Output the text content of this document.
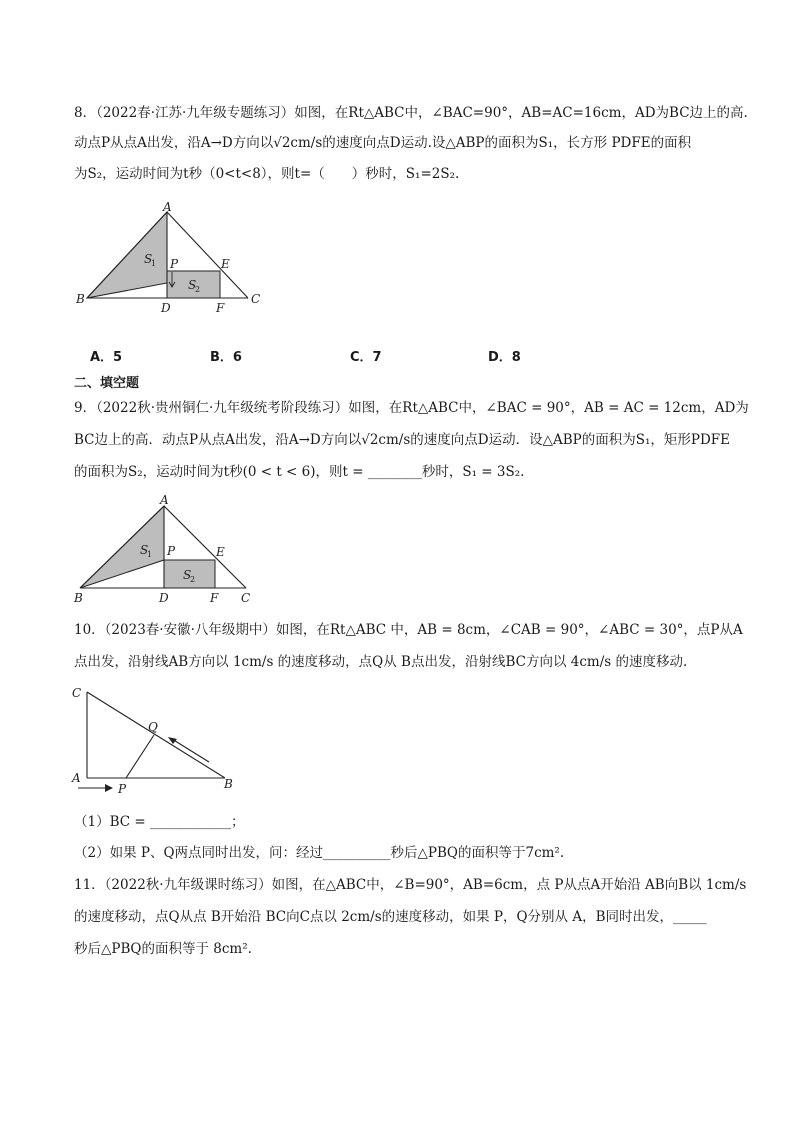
8．（2022春·江苏·九年级专题练习）如图，在Rt△ABC中，∠BAC=90°，AB=AC=16cm，AD为BC边上的高.
动点P从点A出发，沿A→D方向以√2cm/s的速度向点D运动.设△ABP的面积为S₁，长方形 PDFE的面积
为S₂，运动时间为t秒（0<t<8），则t=（　　）秒时，S₁=2S₂.
A
B	C
D	F
E
P
S
1
S
2
A．5	B．6	C．7	D．8
二、填空题
9．（2022秋·贵州铜仁·九年级统考阶段练习）如图，在Rt△ABC中，∠BAC = 90°，AB = AC = 12cm，AD为
BC边上的高．动点P从点A出发，沿A→D方向以√2cm/s的速度向点D运动．设△ABP的面积为S₁，矩形PDFE
的面积为S₂，运动时间为t秒(0 < t < 6)，则t = ________秒时，S₁ = 3S₂.
A
B	C
D	F
E
P
S
1
S
2
10．（2023春·安徽·八年级期中）如图，在Rt△ABC 中，AB = 8cm，∠CAB = 90°，∠ABC = 30°，点P从A
点出发，沿射线AB方向以 1cm/s 的速度移动，点Q从 B点出发，沿射线BC方向以 4cm/s 的速度移动.
C
A	B
P
Q
（1）BC = ____________；
（2）如果 P、Q两点同时出发，问：经过__________秒后△PBQ的面积等于7cm².
11．（2022秋·九年级课时练习）如图，在△ABC中，∠B=90°，AB=6cm，点 P从点A开始沿 AB向B以 1cm/s
的速度移动，点Q从点 B开始沿 BC向C点以 2cm/s的速度移动，如果 P，Q分别从 A，B同时出发，_____
秒后△PBQ的面积等于 8cm².
